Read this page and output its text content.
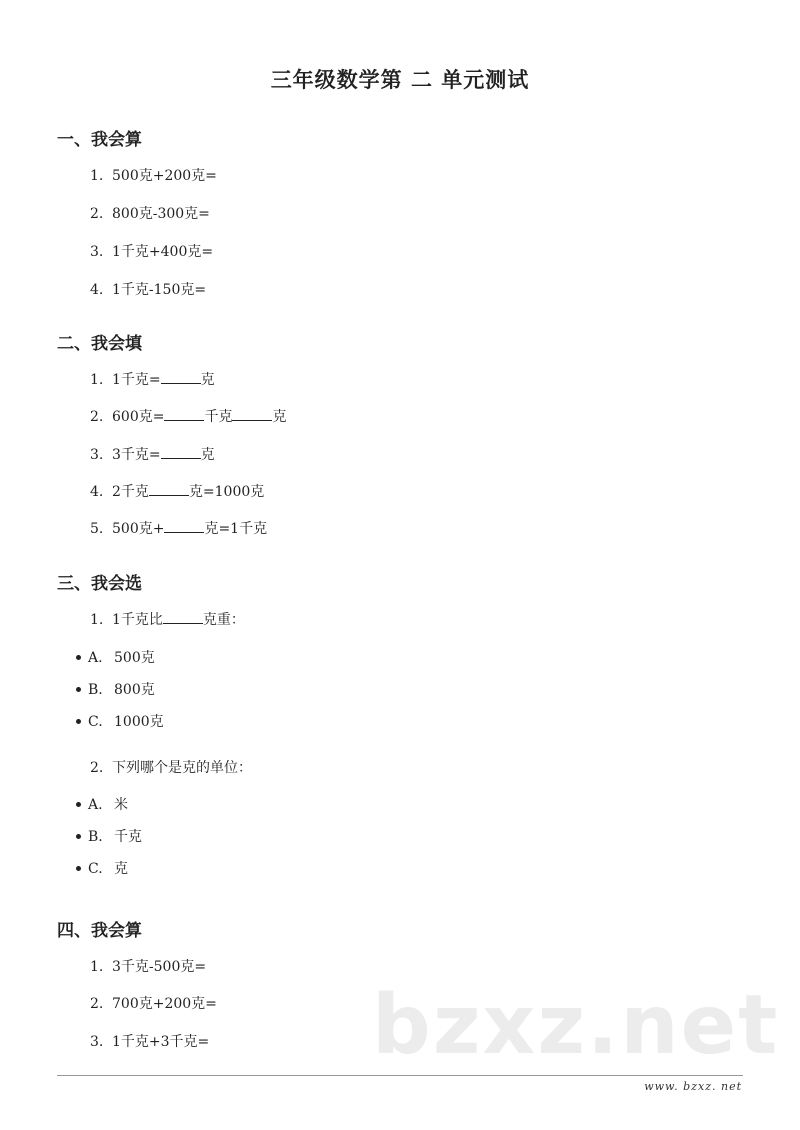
三年级数学第 二 单元测试
一、我会算
1. 500克+200克=
2. 800克-300克=
3. 1千克+400克=
4. 1千克-150克=
二、我会填
1. 1千克=	克
2. 600克=	千克	克
3. 3千克=	克
4. 2千克	克=1000克
5. 500克+	克=1千克
三、我会选
1. 1千克比	克重：
A. 500克
B. 800克
C. 1000克
2. 下列哪个是克的单位：
A. 米
B. 千克
C. 克
四、我会算
1. 3千克-500克=
2. 700克+200克=
3. 1千克+3千克= bzxz.net
www. bzxz. net
